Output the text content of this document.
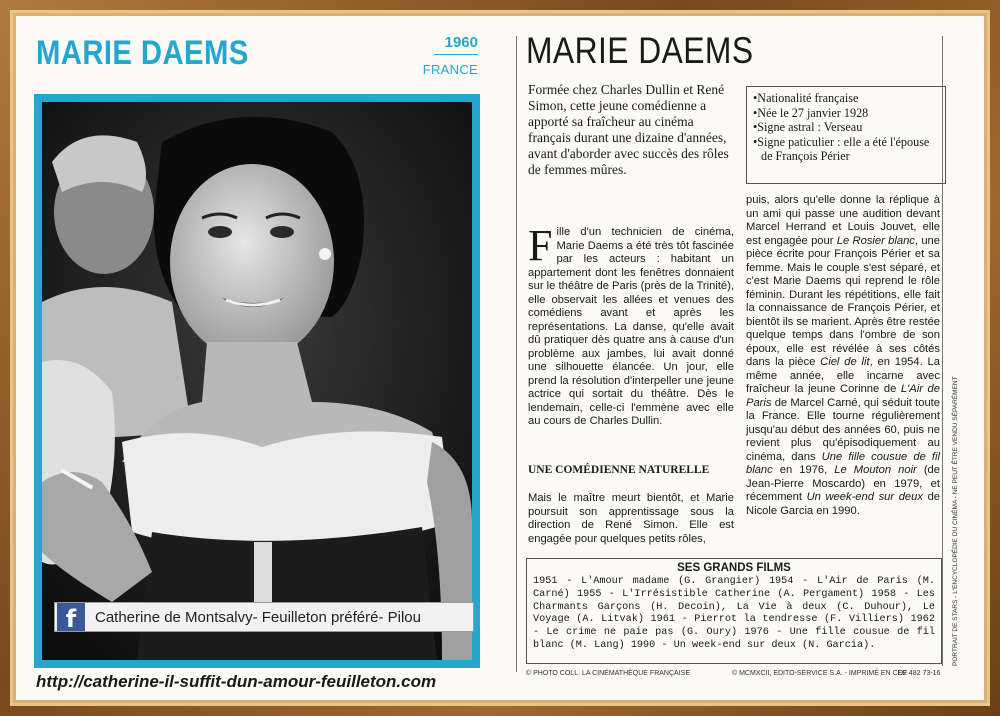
MARIE DAEMS	1960
FRANCE
f	Catherine de Montsalvy- Feuilleton préféré- Pilou
http://catherine-il-suffit-dun-amour-feuilleton.com
MARIE DAEMS
Formée chez Charles Dullin et René Simon, cette jeune comédienne a apporté sa fraîcheur au cinéma français durant une dizaine d'années, avant d'aborder avec succès des rôles de femmes mûres.
•Nationalité française
•Née le 27 janvier 1928
•Signe astral : Verseau
•Signe paticulier : elle a été l'épouse de François Périer
Fille d'un technicien de cinéma, Marie Daems a été très tôt fascinée par les acteurs : habitant un appartement dont les fenêtres donnaient sur le théâtre de Paris (près de la Trinité), elle observait les allées et venues des comédiens avant et après les représentations. La danse, qu'elle avait dû pratiquer dès quatre ans à cause d'un problème aux jambes, lui avait donné une silhouette élancée. Un jour, elle prend la résolution d'interpeller une jeune actrice qui sortait du théâtre. Dès le lendemain, celle-ci l'emmène avec elle au cours de Charles Dullin.
UNE COMÉDIENNE NATURELLE
Mais le maître meurt bientôt, et Marie poursuit son apprentissage sous la direction de René Simon. Elle est engagée pour quelques petits rôles,
puis, alors qu'elle donne la réplique à un ami qui passe une audition devant Marcel Herrand et Louis Jouvet, elle est engagée pour Le Rosier blanc, une pièce écrite pour François Périer et sa femme. Mais le couple s'est séparé, et c'est Marie Daems qui reprend le rôle féminin. Durant les répétitions, elle fait la connaissance de François Périer, et bientôt ils se marient. Après être restée quelque temps dans l'ombre de son époux, elle est révélée à ses côtés dans la pièce Ciel de lit, en 1954. La même année, elle incarne avec fraîcheur la jeune Corinne de L'Air de Paris de Marcel Carné, qui séduit toute la France. Elle tourne régulièrement jusqu'au début des années 60, puis ne revient plus qu'épisodiquement au cinéma, dans Une fille cousue de fil blanc en 1976, Le Mouton noir (de Jean-Pierre Moscardo) en 1979, et récemment Un week-end sur deux de Nicole Garcia en 1990.
SES GRANDS FILMS
1951 - L'Amour madame (G. Grangier) 1954 - L'Air de Paris (M. Carné) 1955 - L'Irrésistible Catherine (A. Pergament) 1958 - Les Charmants Garçons (H. Decoin), La Vie à deux (C. Duhour), Le Voyage (A. Litvak) 1961 - Pierrot la tendresse (F. Villiers) 1962 - Le crime ne paie pas (G. Oury) 1976 - Une fille cousue de fil blanc (M. Lang) 1990 - Un week-end sur deux (N. Garcia).
© PHOTO COLL. LA CINÉMATHÈQUE FRANÇAISE	© MCMXCII, EDITO-SERVICE S.A. - IMPRIMÉ EN CEE
D2 482 73-16
PORTRAIT DE STARS - L'ENCYCLOPÉDIE DU CINÉMA - NE PEUT ÊTRE VENDU SÉPARÉMENT
